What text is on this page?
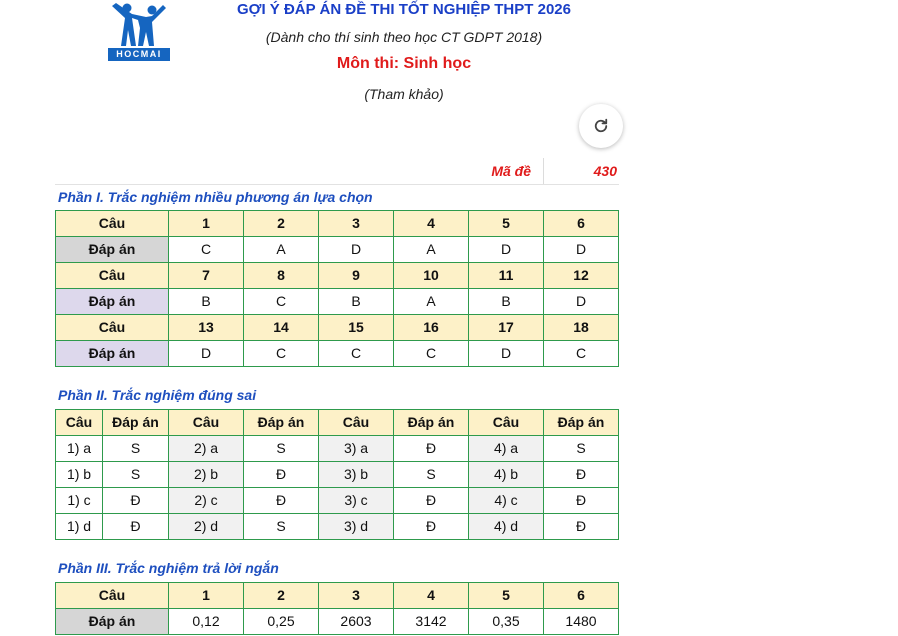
HOCMAI
GỢI Ý ĐÁP ÁN ĐỀ THI TỐT NGHIỆP THPT 2026
(Dành cho thí sinh theo học CT GDPT 2018)
Môn thi: Sinh học
(Tham khảo)
Mã đề	430
Phần I. Trắc nghiệm nhiều phương án lựa chọn
Câu	1	2	3	4	5	6
Đáp án	C	A	D	A	D	D
Câu	7	8	9	10	11	12
Đáp án	B	C	B	A	B	D
Câu	13	14	15	16	17	18
Đáp án	D	C	C	C	D	C
Phần II. Trắc nghiệm đúng sai
Câu	Đáp án	Câu	Đáp án	Câu	Đáp án	Câu	Đáp án
1) a	S	2) a	S	3) a	Đ	4) a	S
1) b	S	2) b	Đ	3) b	S	4) b	Đ
1) c	Đ	2) c	Đ	3) c	Đ	4) c	Đ
1) d	Đ	2) d	S	3) d	Đ	4) d	Đ
Phần III. Trắc nghiệm trả lời ngắn
Câu	1	2	3	4	5	6
Đáp án	0,12	0,25	2603	3142	0,35	1480
